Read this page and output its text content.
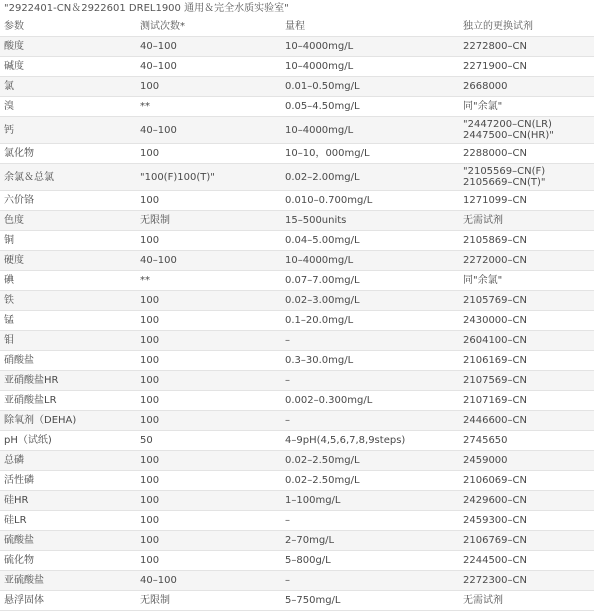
"2922401-CN＆2922601 DREL1900 通用＆完全水质实验室"
参数	测试次数*	量程	独立的更换试剂
酸度	40–100	10–4000mg/L	2272800–CN
碱度	40–100	10–4000mg/L	2271900–CN
氯	100	0.01–0.50mg/L	2668000
溴	**	0.05–4.50mg/L	同"余氯"
钙	40–100	10–4000mg/L	"2447200–CN(LR) 2447500–CN(HR)"
氯化物	100	10–10，000mg/L	2288000–CN
余氯＆总氯	"100(F)100(T)"	0.02–2.00mg/L	"2105569–CN(F) 2105669–CN(T)"
六价铬	100	0.010–0.700mg/L	1271099–CN
色度	无限制	15–500units	无需试剂
铜	100	0.04–5.00mg/L	2105869–CN
硬度	40–100	10–4000mg/L	2272000–CN
碘	**	0.07–7.00mg/L	同"余氯"
铁	100	0.02–3.00mg/L	2105769–CN
锰	100	0.1–20.0mg/L	2430000–CN
钼	100	–	2604100–CN
硝酸盐	100	0.3–30.0mg/L	2106169–CN
亚硝酸盐HR	100	–	2107569–CN
亚硝酸盐LR	100	0.002–0.300mg/L	2107169–CN
除氧剂（DEHA)	100	–	2446600–CN
pH（试纸)	50	4–9pH(4,5,6,7,8,9steps)	2745650
总磷	100	0.02–2.50mg/L	2459000
活性磷	100	0.02–2.50mg/L	2106069–CN
硅HR	100	1–100mg/L	2429600–CN
硅LR	100	–	2459300–CN
硫酸盐	100	2–70mg/L	2106769–CN
硫化物	100	5–800g/L	2244500–CN
亚硫酸盐	40–100	–	2272300–CN
悬浮固体	无限制	5–750mg/L	无需试剂
